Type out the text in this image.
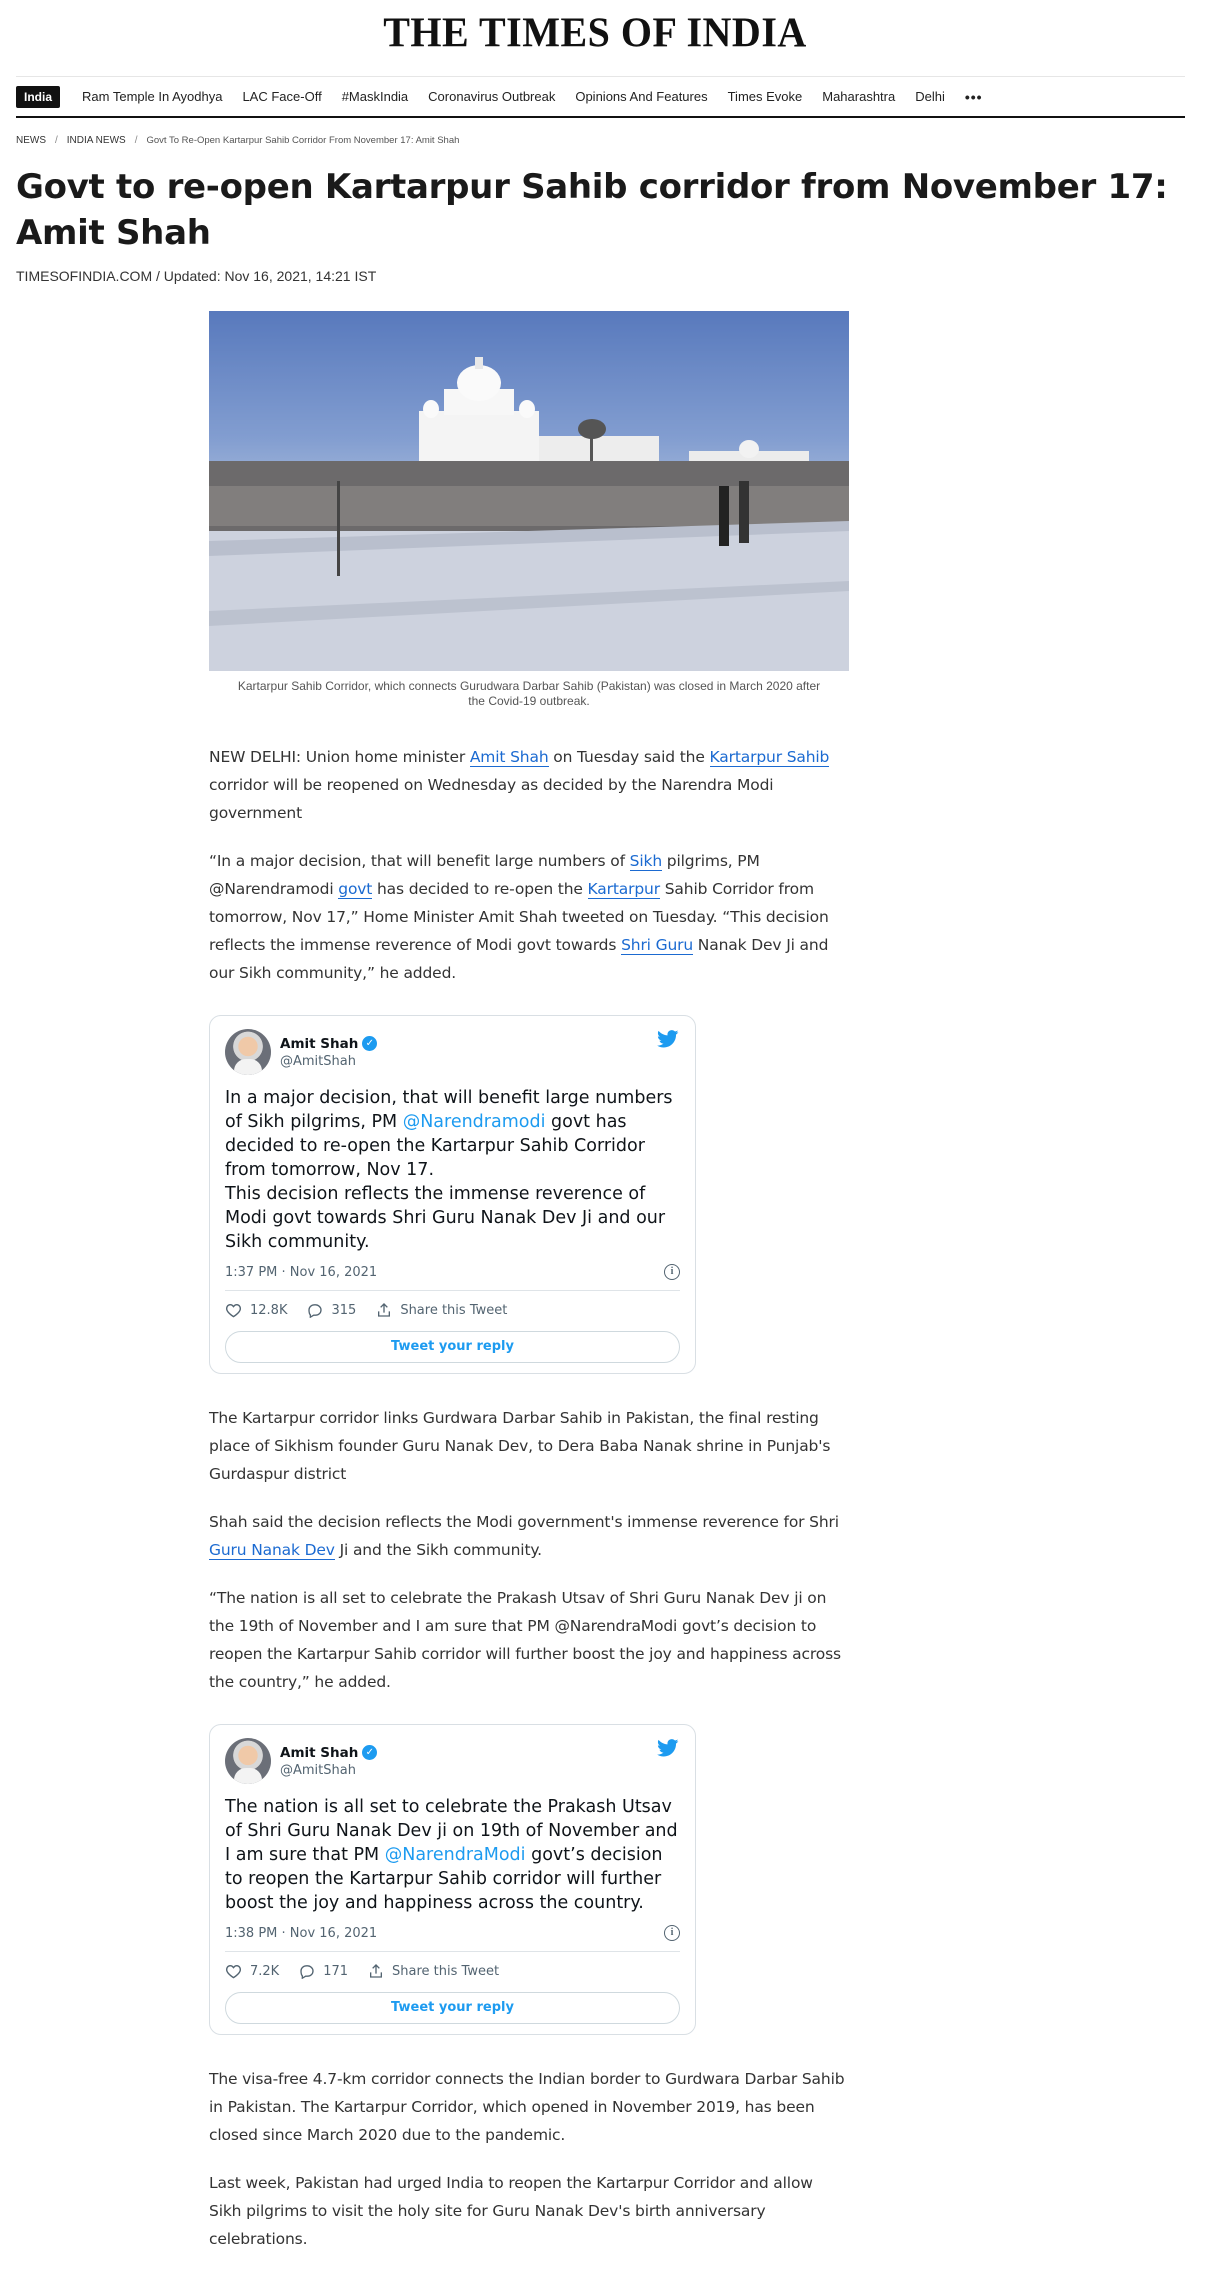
THE TIMES OF INDIA
India	Ram Temple In Ayodhya LAC Face-Off #MaskIndia Coronavirus Outbreak Opinions And Features Times Evoke Maharashtra Delhi •••
NEWS / INDIA NEWS / Govt To Re-Open Kartarpur Sahib Corridor From November 17: Amit Shah
Govt to re-open Kartarpur Sahib corridor from November 17: Amit Shah
TIMESOFINDIA.COM / Updated: Nov 16, 2021, 14:21 IST
Kartarpur Sahib Corridor, which connects Gurudwara Darbar Sahib (Pakistan) was closed in March 2020 after the Covid-19 outbreak.

NEW DELHI: Union home minister Amit Shah on Tuesday said the Kartarpur Sahib corridor will be reopened on Wednesday as decided by the Narendra Modi government

“In a major decision, that will benefit large numbers of Sikh pilgrims, PM @Narendramodi govt has decided to re-open the Kartarpur Sahib Corridor from tomorrow, Nov 17,” Home Minister Amit Shah tweeted on Tuesday. “This decision reflects the immense reverence of Modi govt towards Shri Guru Nanak Dev Ji and our Sikh community,” he added.

Amit Shah ✓
@AmitShah
In a major decision, that will benefit large numbers of Sikh pilgrims, PM @Narendramodi govt has decided to re-open the Kartarpur Sahib Corridor from tomorrow, Nov 17.
This decision reflects the immense reverence of Modi govt towards Shri Guru Nanak Dev Ji and our Sikh community.
1:37 PM · Nov 16, 2021	i
12.8K	315	Share this Tweet
Tweet your reply

The Kartarpur corridor links Gurdwara Darbar Sahib in Pakistan, the final resting place of Sikhism founder Guru Nanak Dev, to Dera Baba Nanak shrine in Punjab's Gurdaspur district

Shah said the decision reflects the Modi government's immense reverence for Shri Guru Nanak Dev Ji and the Sikh community.

“The nation is all set to celebrate the Prakash Utsav of Shri Guru Nanak Dev ji on the 19th of November and I am sure that PM @NarendraModi govt’s decision to reopen the Kartarpur Sahib corridor will further boost the joy and happiness across the country,” he added.

Amit Shah ✓
@AmitShah
The nation is all set to celebrate the Prakash Utsav of Shri Guru Nanak Dev ji on 19th of November and I am sure that PM @NarendraModi govt’s decision to reopen the Kartarpur Sahib corridor will further boost the joy and happiness across the country.
1:38 PM · Nov 16, 2021	i
7.2K	171	Share this Tweet
Tweet your reply

The visa-free 4.7-km corridor connects the Indian border to Gurdwara Darbar Sahib in Pakistan. The Kartarpur Corridor, which opened in November 2019, has been closed since March 2020 due to the pandemic.

Last week, Pakistan had urged India to reopen the Kartarpur Corridor and allow Sikh pilgrims to visit the holy site for Guru Nanak Dev's birth anniversary celebrations.
